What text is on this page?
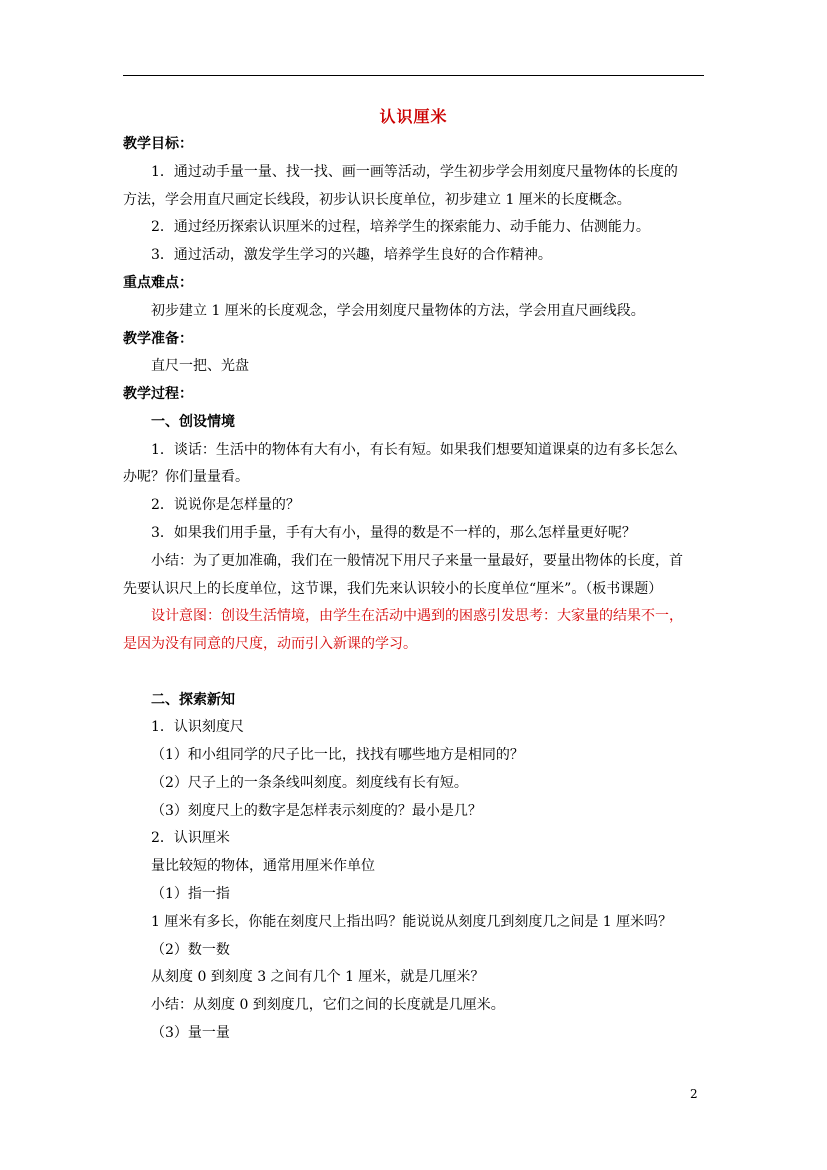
认识厘米
教学目标：
1．通过动手量一量、找一找、画一画等活动，学生初步学会用刻度尺量物体的长度的
方法，学会用直尺画定长线段，初步认识长度单位，初步建立 1 厘米的长度概念。
2．通过经历探索认识厘米的过程，培养学生的探索能力、动手能力、估测能力。
3．通过活动，激发学生学习的兴趣，培养学生良好的合作精神。
重点难点：
初步建立 1 厘米的长度观念，学会用刻度尺量物体的方法，学会用直尺画线段。
教学准备：
直尺一把、光盘
教学过程：
一、创设情境
1．谈话：生活中的物体有大有小，有长有短。如果我们想要知道课桌的边有多长怎么
办呢？你们量量看。
2．说说你是怎样量的？
3．如果我们用手量，手有大有小，量得的数是不一样的，那么怎样量更好呢？
小结：为了更加准确，我们在一般情况下用尺子来量一量最好，要量出物体的长度，首
先要认识尺上的长度单位，这节课，我们先来认识较小的长度单位“厘米”。（板书课题）
设计意图：创设生活情境，由学生在活动中遇到的困惑引发思考：大家量的结果不一，
是因为没有同意的尺度，动而引入新课的学习。
二、探索新知
1．认识刻度尺
（1）和小组同学的尺子比一比，找找有哪些地方是相同的？
（2）尺子上的一条条线叫刻度。刻度线有长有短。
（3）刻度尺上的数字是怎样表示刻度的？最小是几？
2．认识厘米
量比较短的物体，通常用厘米作单位
（1）指一指
1 厘米有多长，你能在刻度尺上指出吗？能说说从刻度几到刻度几之间是 1 厘米吗？
（2）数一数
从刻度 0 到刻度 3 之间有几个 1 厘米，就是几厘米？
小结：从刻度 0 到刻度几，它们之间的长度就是几厘米。
（3）量一量
2
